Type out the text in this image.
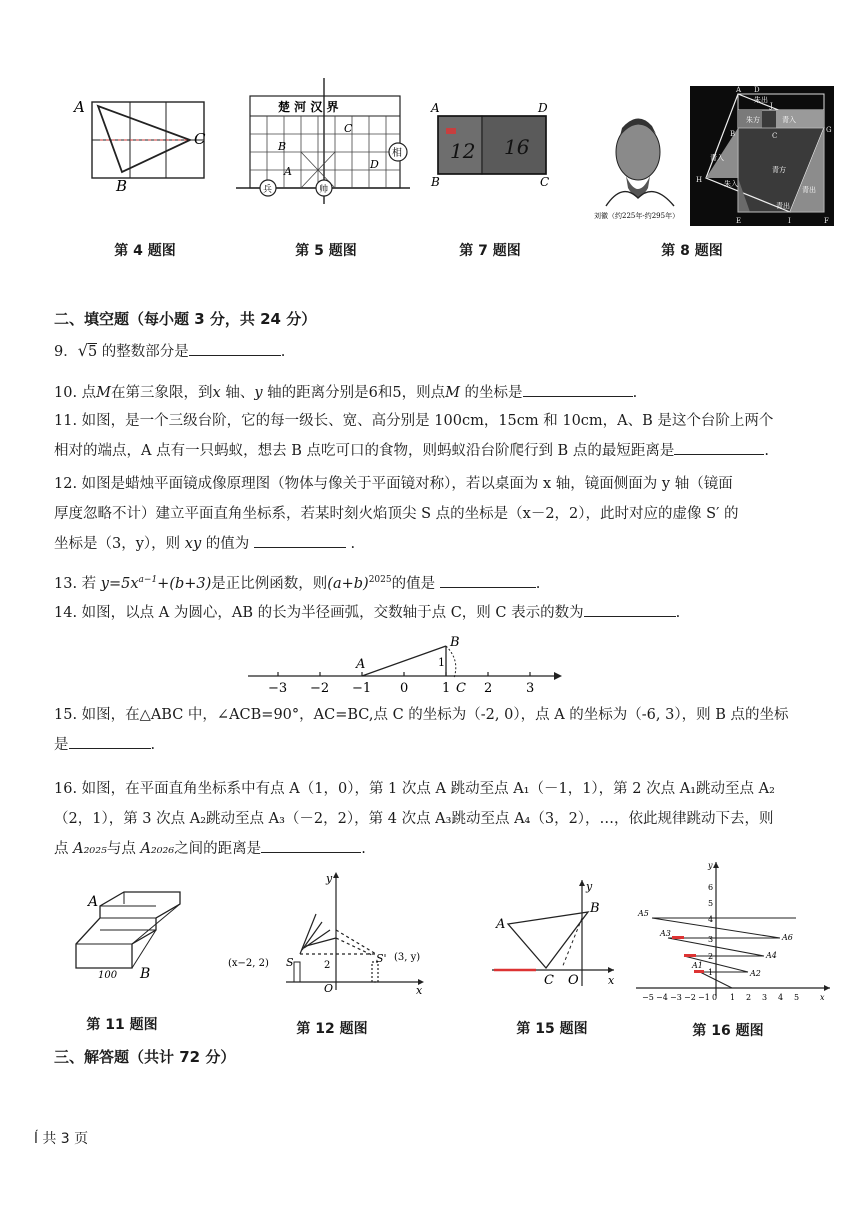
A
B
C
第 4 题图
楚 河 汉 界
A
B
C
D
相
兵	帅
第 5 题图
A	D
B	C
12 16
第 7 题图
刘徽（约225年-约295年）
A D
J
G
H
C
B
E	I	F
朱出
朱方	青入
青入
青方
朱入
青出
青出
第 8 题图
二、填空题（每小题 3 分，共 24 分）
9．√5 的整数部分是	.
10. 点M在第三象限，到x 轴、y 轴的距离分别是6和5，则点M 的坐标是	.
11. 如图，是一个三级台阶，它的每一级长、宽、高分别是 100cm，15cm 和 10cm，A、B 是这个台阶上两个
相对的端点，A 点有一只蚂蚁，想去 B 点吃可口的食物，则蚂蚁沿台阶爬行到 B 点的最短距离是	.
12. 如图是蜡烛平面镜成像原理图（物体与像关于平面镜对称），若以桌面为 x 轴，镜面侧面为 y 轴（镜面
厚度忽略不计）建立平面直角坐标系，若某时刻火焰顶尖 S 点的坐标是（x－2，2），此时对应的虚像 S′ 的
坐标是（3，y），则 xy 的值为	.
13. 若 $y=5x^{a-1}+(b+3)$是正比例函数，则$(a+b)^{2025}$的值是	.
14. 如图，以点 A 为圆心，AB 的长为半径画弧，交数轴于点 C，则 C 表示的数为	.
−3 −2 −1 0	1	2	3
A
B
C
1
15. 如图，在△ABC 中，∠ACB=90°，AC=BC,点 C 的坐标为（-2, 0），点 A 的坐标为（-6, 3），则 B 点的坐标
是	.
16. 如图，在平面直角坐标系中有点 A（1，0），第 1 次点 A 跳动至点 A₁（－1，1），第 2 次点 A₁跳动至点 A₂
（2，1），第 3 次点 A₂跳动至点 A₃（－2，2），第 4 次点 A₃跳动至点 A₄（3，2），…，依此规律跳动下去，则
点 A₂₀₂₅与点 A₂₀₂₆之间的距离是	.
A
B
100
第 11 题图
y
x
O
2
S	S'
(x−2, 2)
(3, y)
第 12 题图
A
B
C O
y
x
第 15 题图
6
5
4
3
2
1
−5 −4 −3 −2 −1 0 1 2 3 4 5
A5
A6
A3
A4
A1
A2
y
x
第 16 题图
三、解答题（共计 72 分）
ĺ 共 3 页
